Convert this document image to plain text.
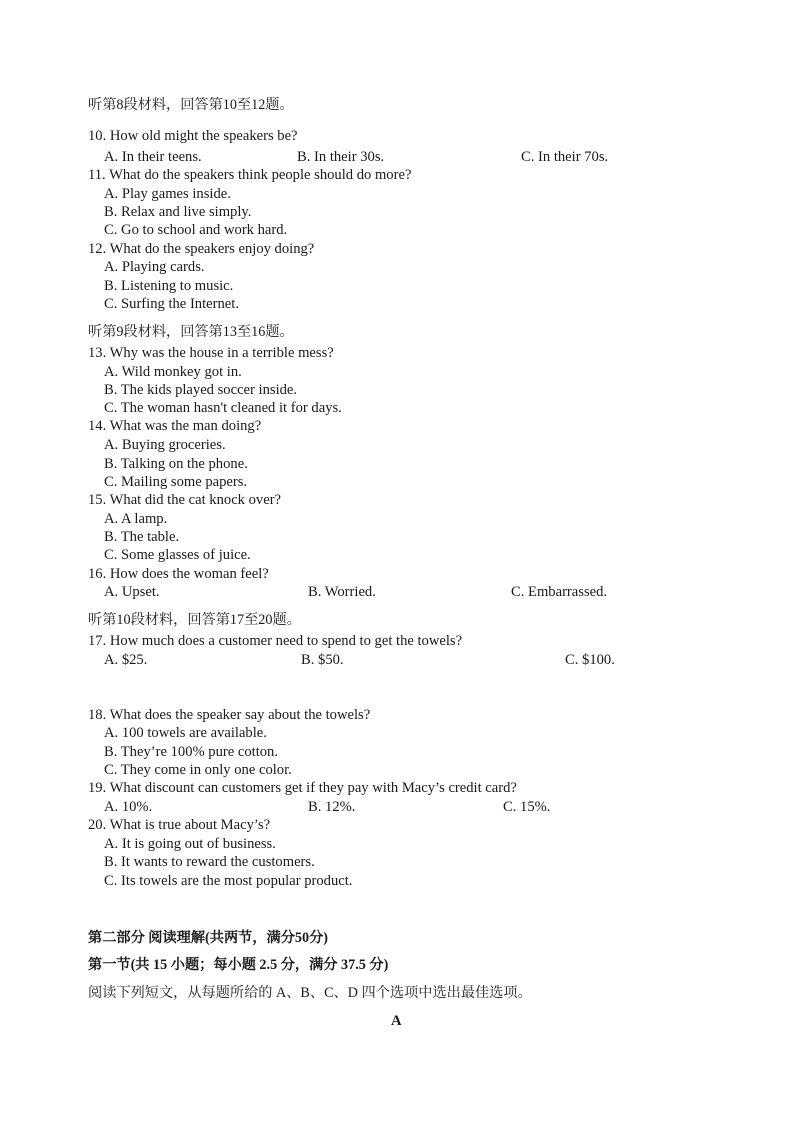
听第8段材料，回答第10至12题。
10. How old might the speakers be?
A. In their teens.	B. In their 30s.	C. In their 70s.
11. What do the speakers think people should do more?
A. Play games inside.
B. Relax and live simply.
C. Go to school and work hard.
12. What do the speakers enjoy doing?
A. Playing cards.
B. Listening to music.
C. Surfing the Internet.
听第9段材料，回答第13至16题。
13. Why was the house in a terrible mess?
A. Wild monkey got in.
B. The kids played soccer inside.
C. The woman hasn't cleaned it for days.
14. What was the man doing?
A. Buying groceries.
B. Talking on the phone.
C. Mailing some papers.
15. What did the cat knock over?
A. A lamp.
B. The table.
C. Some glasses of juice.
16. How does the woman feel?
A. Upset.	B. Worried.	C. Embarrassed.
听第10段材料，回答第17至20题。
17. How much does a customer need to spend to get the towels?
A. $25.	B. $50.	C. $100.
18. What does the speaker say about the towels?
A. 100 towels are available.
B. They’re 100% pure cotton.
C. They come in only one color.
19. What discount can customers get if they pay with Macy’s credit card?
A. 10%.	B. 12%.	C. 15%.
20. What is true about Macy’s?
A. It is going out of business.
B. It wants to reward the customers.
C. Its towels are the most popular product.
第二部分 阅读理解(共两节，满分50分)
第一节(共 15 小题；每小题 2.5 分，满分 37.5 分)
阅读下列短文，从每题所给的 A、B、C、D 四个选项中选出最佳选项。
A
